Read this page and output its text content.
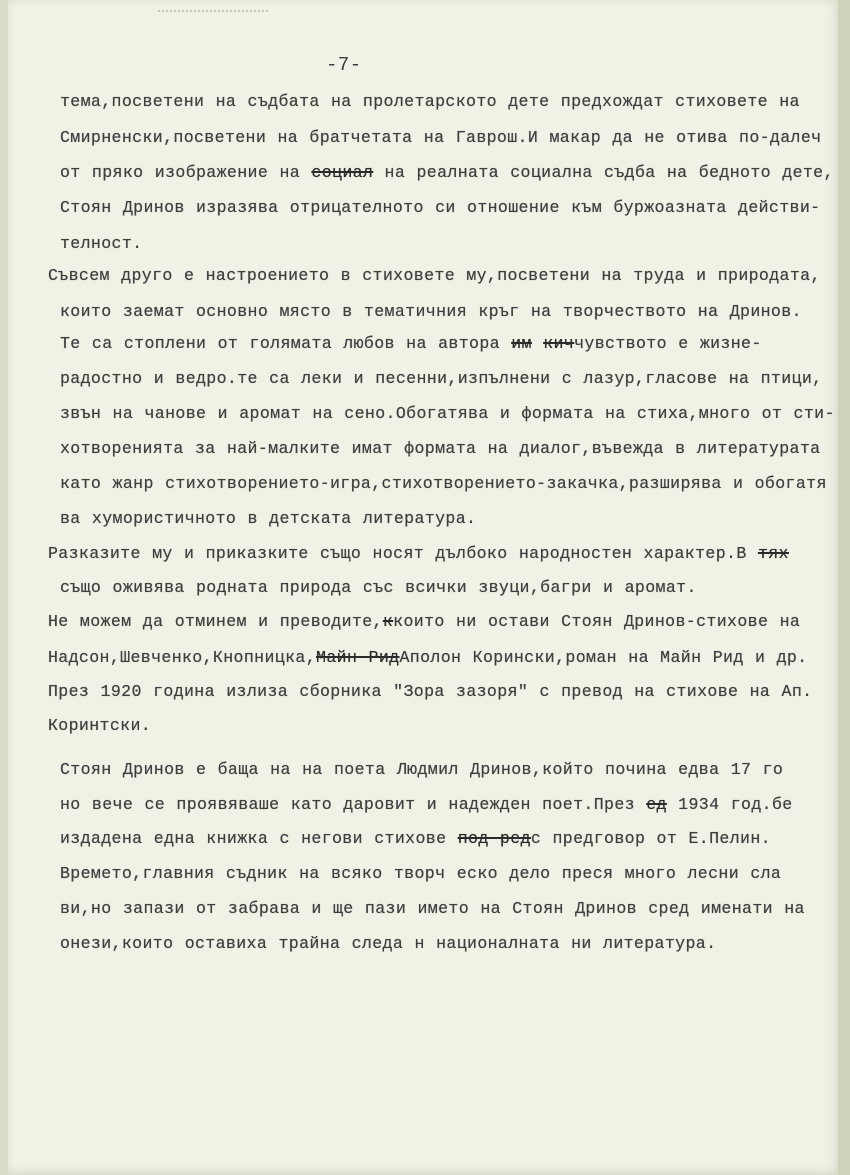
-7-
тема,посветени на съдбата на пролетарското дете предхождат стиховете на
Смирненски,посветени на братчетата на Гаврош.И макар да не отива по-далеч
от пряко изображение на социал на реалната социална съдба на бедното дете,
Стоян Дринов изразява отрицателното си отношение към буржоазната действи-
телност.
Съвсем друго е настроението в стиховете му,посветени на труда и природата,
които заемат основно място в тематичния кръг на творчеството на Дринов.
Те са стоплени от голямата любов на автора им киччувството е жизне-
радостно и ведро.те са леки и песенни,изпълнени с лазур,гласове на птици,
звън на чанове и аромат на сено.Обогатява и формата на стиха,много от сти-
хотворенията за най-малките имат формата на диалог,въвежда в литературата
като жанр стихотворението-игра,стихотворението-закачка,разширява и обогатя
ва хумористичното в детската литература.
Разказите му и приказките също носят дълбоко народностен характер.В тях
също оживява родната природа със всички звуци,багри и аромат.
Не можем да отминем и преводите,ккоито ни остави Стоян Дринов-стихове на
Надсон,Шевченко,Кнопницка,Майн РидАполон Корински,роман на Майн Рид и др.
През 1920 година излиза сборника "Зора зазоря" с превод на стихове на Ап.
Коринтски.
Стоян Дринов е баща на на поета Людмил Дринов,който почина едва 17 го
но вече се проявяваше като даровит и надежден поет.През ед 1934 год.бе
издадена една книжка с негови стихове под редс предговор от Е.Пелин.
Времето,главния съдник на всяко творч еско дело преся много лесни сла
ви,но запази от забрава и ще пази името на Стоян Дринов сред именати на
онези,които оставиха трайна следа н националната ни литература.
